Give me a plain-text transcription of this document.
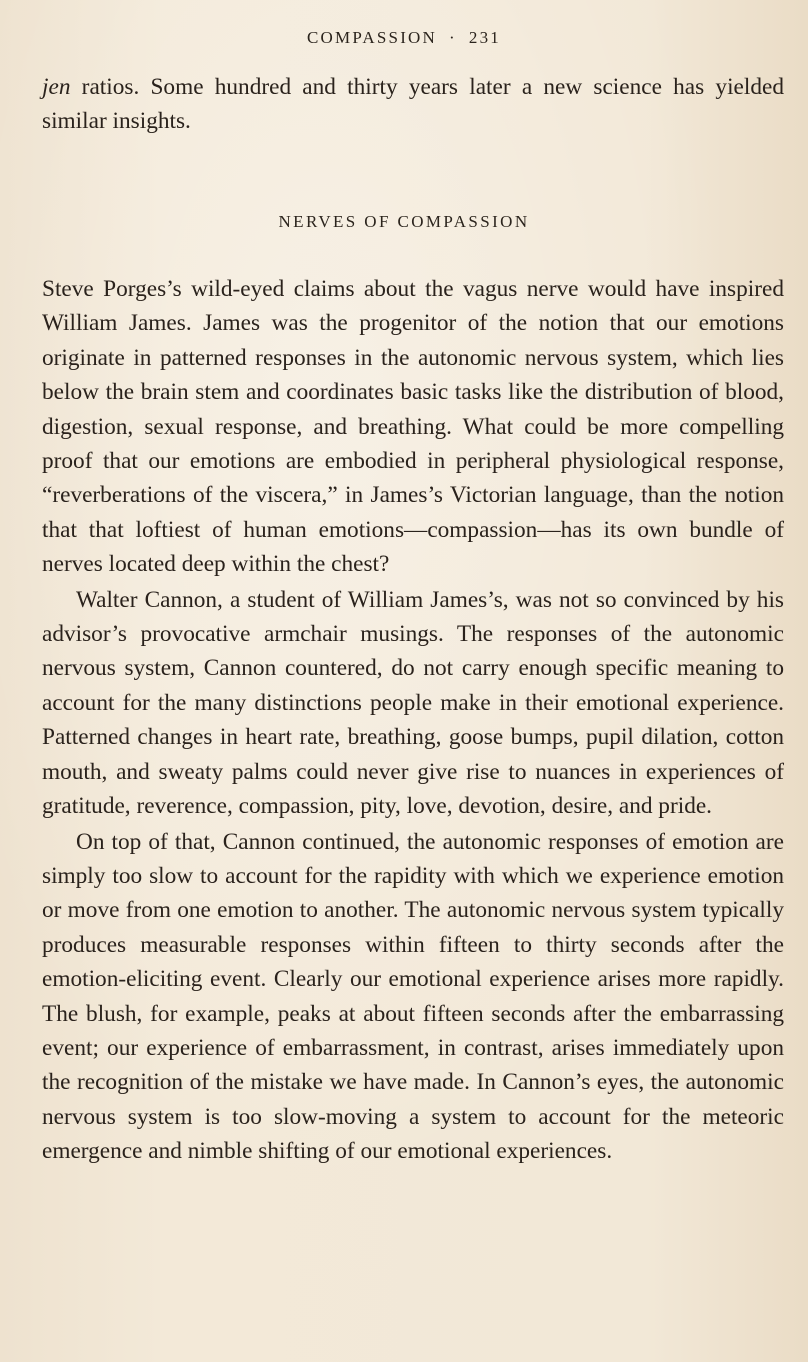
COMPASSION · 231

jen ratios. Some hundred and thirty years later a new science has yielded similar insights.

NERVES OF COMPASSION

Steve Porges’s wild-eyed claims about the vagus nerve would have inspired William James. James was the progenitor of the notion that our emotions originate in patterned responses in the autonomic nervous system, which lies below the brain stem and coordinates basic tasks like the distribution of blood, digestion, sexual response, and breathing. What could be more compelling proof that our emotions are embodied in peripheral physiological response, “reverberations of the viscera,” in James’s Victorian language, than the notion that that loftiest of human emotions—compassion—has its own bundle of nerves located deep within the chest?

Walter Cannon, a student of William James’s, was not so convinced by his advisor’s provocative armchair musings. The responses of the autonomic nervous system, Cannon countered, do not carry enough specific meaning to account for the many distinctions people make in their emotional experience. Patterned changes in heart rate, breathing, goose bumps, pupil dilation, cotton mouth, and sweaty palms could never give rise to nuances in experiences of gratitude, reverence, compassion, pity, love, devotion, desire, and pride.

On top of that, Cannon continued, the autonomic responses of emotion are simply too slow to account for the rapidity with which we experience emotion or move from one emotion to another. The autonomic nervous system typically produces measurable responses within fifteen to thirty seconds after the emotion-eliciting event. Clearly our emotional experience arises more rapidly. The blush, for example, peaks at about fifteen seconds after the embarrassing event; our experience of embarrassment, in contrast, arises immediately upon the recognition of the mistake we have made. In Cannon’s eyes, the autonomic nervous system is too slow-moving a system to account for the meteoric emergence and nimble shifting of our emotional experiences.
